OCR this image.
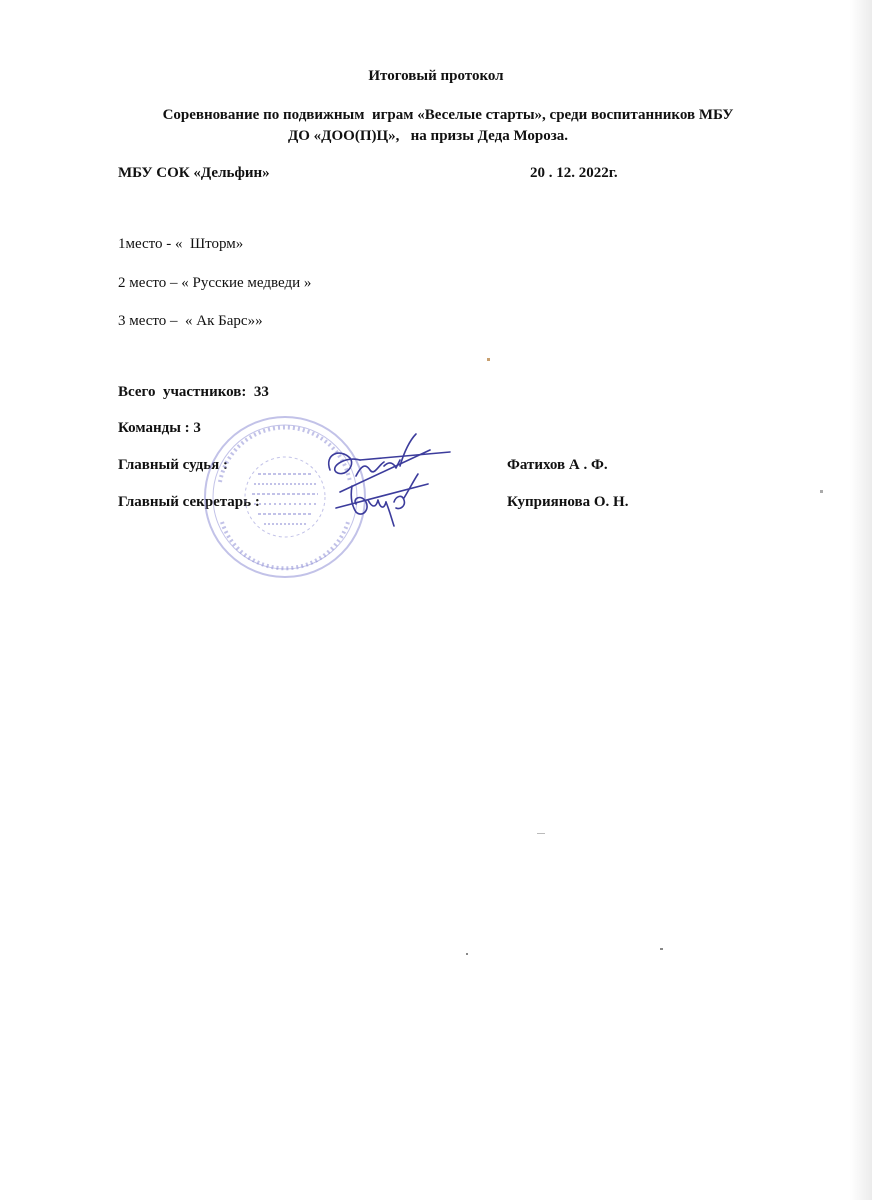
Итоговый протокол
Соревнование по подвижным  играм «Веселые старты», среди воспитанников МБУ
ДО «ДОО(П)Ц»,   на призы Деда Мороза.
МБУ СОК «Дельфин»	20 . 12. 2022г.
1место - «  Шторм»
2 место – « Русские медведи »
3 место –  « Ак Барс»»
Всего  участников:  33
Команды : 3
Главный судья :	Фатихов А . Ф.
Главный секретарь :	Куприянова О. Н.
